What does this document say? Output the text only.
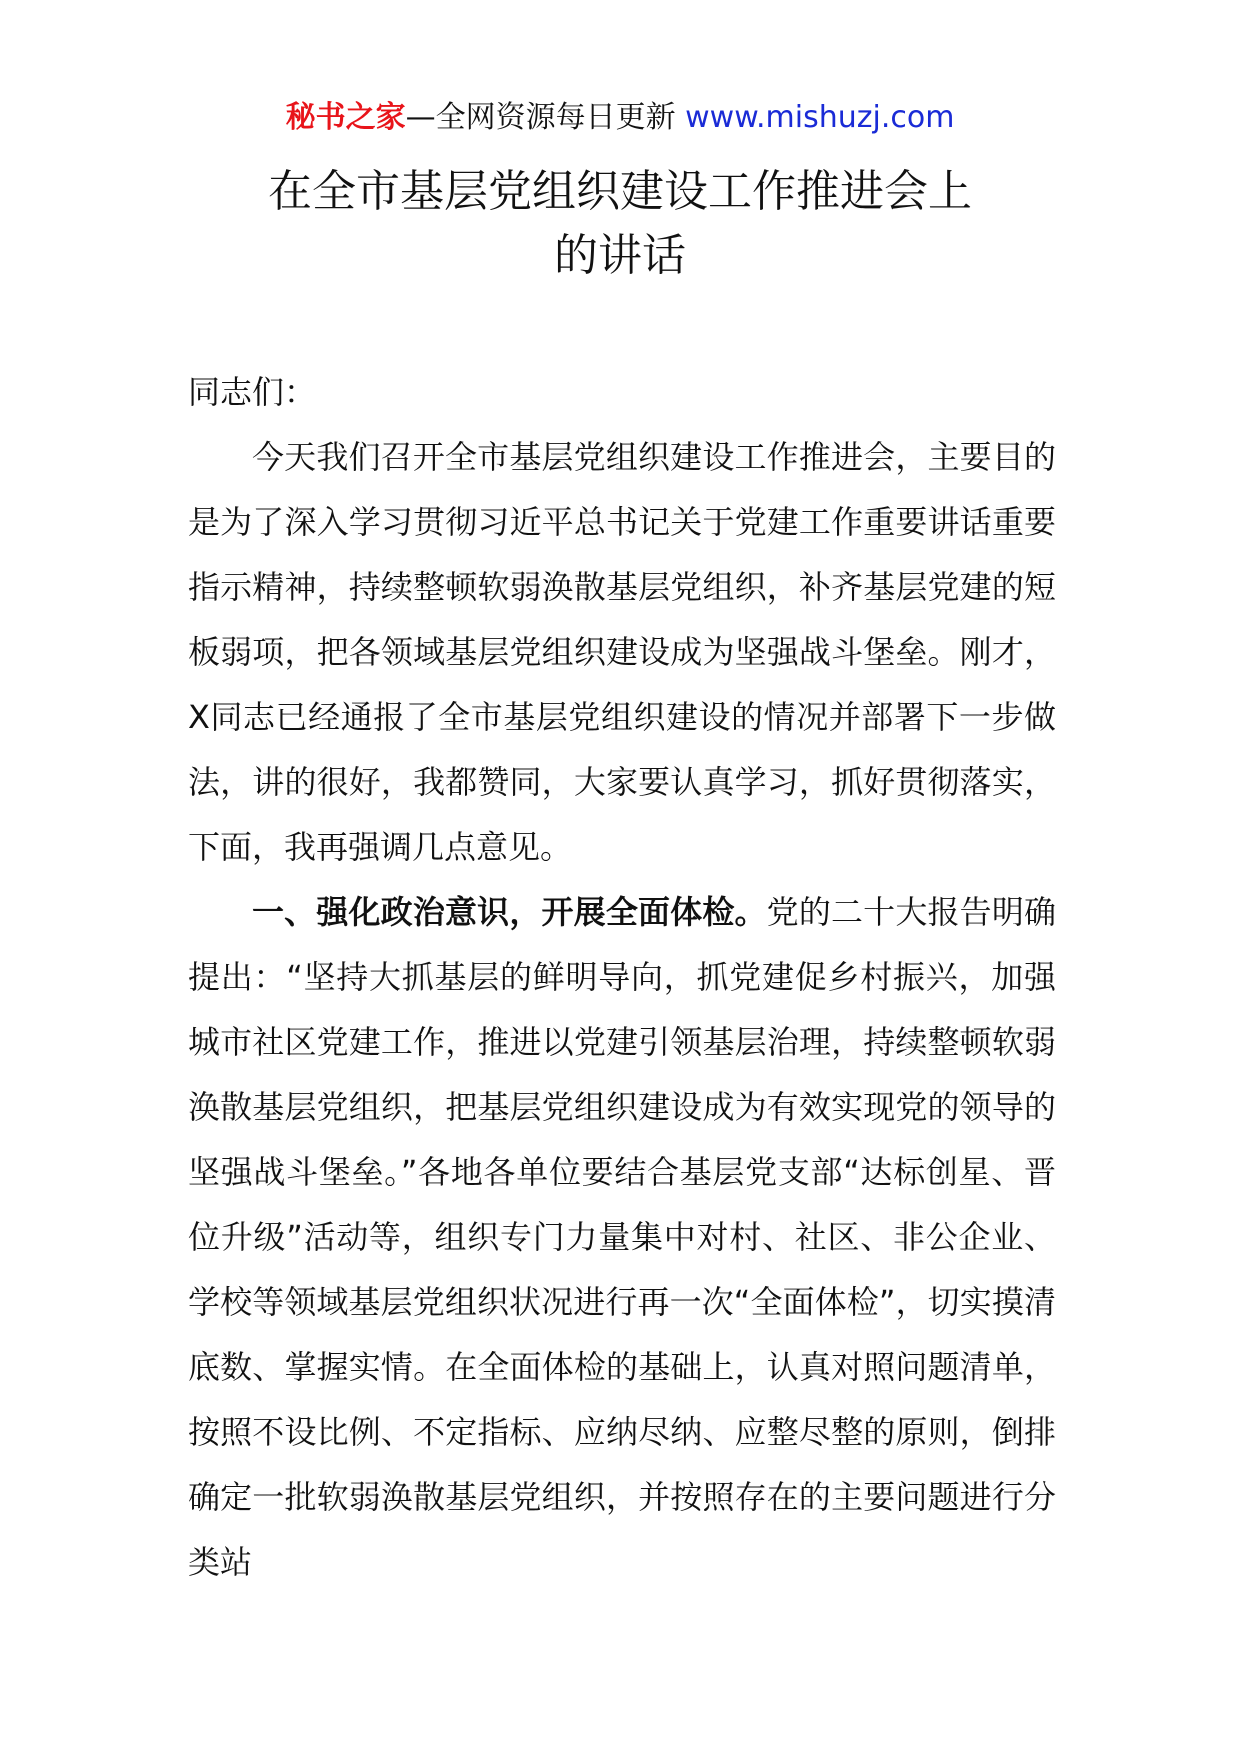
秘书之家—全网资源每日更新 www.mishuzj.com
在全市基层党组织建设工作推进会上
的讲话

同志们：

今天我们召开全市基层党组织建设工作推进会，主要目的是为了深入学习贯彻习近平总书记关于党建工作重要讲话重要指示精神，持续整顿软弱涣散基层党组织，补齐基层党建的短板弱项，把各领域基层党组织建设成为坚强战斗堡垒。刚才，X同志已经通报了全市基层党组织建设的情况并部署下一步做法，讲的很好，我都赞同，大家要认真学习，抓好贯彻落实，下面，我再强调几点意见。

一、强化政治意识，开展全面体检。党的二十大报告明确提出：“坚持大抓基层的鲜明导向，抓党建促乡村振兴，加强城市社区党建工作，推进以党建引领基层治理，持续整顿软弱涣散基层党组织，把基层党组织建设成为有效实现党的领导的坚强战斗堡垒。”各地各单位要结合基层党支部“达标创星、晋位升级”活动等，组织专门力量集中对村、社区、非公企业、学校等领域基层党组织状况进行再一次“全面体检”，切实摸清底数、掌握实情。在全面体检的基础上，认真对照问题清单，按照不设比例、不定指标、应纳尽纳、应整尽整的原则，倒排确定一批软弱涣散基层党组织，并按照存在的主要问题进行分类站
